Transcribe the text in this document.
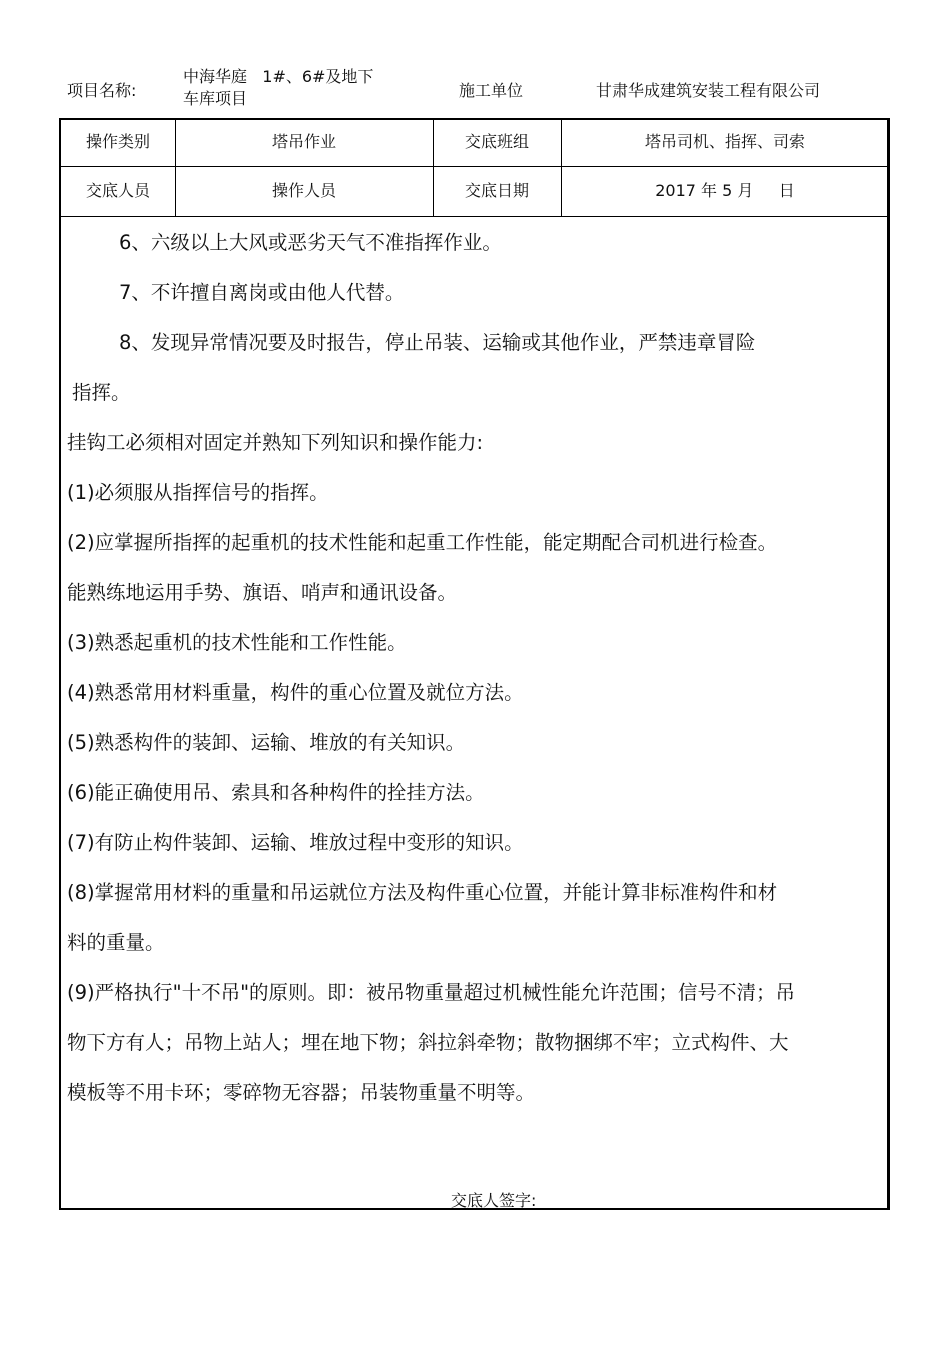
项目名称:
中海华庭   1#、6#及地下
车库项目	施工单位	甘肃华成建筑安装工程有限公司
操作类别	塔吊作业	交底班组	塔吊司机、指挥、司索
交底人员	操作人员	交底日期	2017 年 5 月     日
6、六级以上大风或恶劣天气不准指挥作业。
7、不许擅自离岗或由他人代替。
8、发现异常情况要及时报告，停止吊装、运输或其他作业，严禁违章冒险
指挥。
挂钩工必须相对固定并熟知下列知识和操作能力:
(1)必须服从指挥信号的指挥。
(2)应掌握所指挥的起重机的技术性能和起重工作性能，能定期配合司机进行检查。
能熟练地运用手势、旗语、哨声和通讯设备。
(3)熟悉起重机的技术性能和工作性能。
(4)熟悉常用材料重量，构件的重心位置及就位方法。
(5)熟悉构件的装卸、运输、堆放的有关知识。
(6)能正确使用吊、索具和各种构件的拴挂方法。
(7)有防止构件装卸、运输、堆放过程中变形的知识。
(8)掌握常用材料的重量和吊运就位方法及构件重心位置，并能计算非标准构件和材
料的重量。
(9)严格执行"十不吊"的原则。即：被吊物重量超过机械性能允许范围；信号不清；吊
物下方有人；吊物上站人；埋在地下物；斜拉斜牵物；散物捆绑不牢；立式构件、大
模板等不用卡环；零碎物无容器；吊装物重量不明等。
交底人签字:
